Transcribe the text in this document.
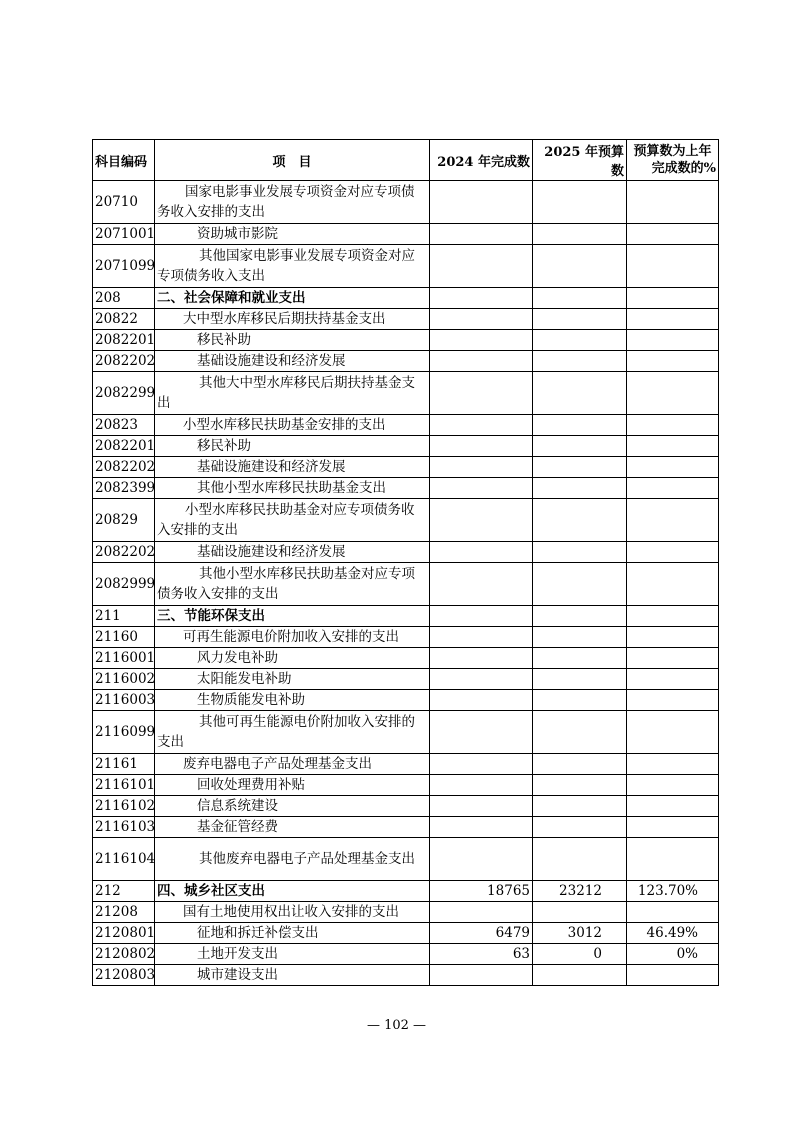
科目编码	项　目	2024 年完成数	2025 年预算数	预算数为上年
完成数的%

20710	国家电影事业发展专项资金对应专项债务收入安排的支出			
2071001	资助城市影院			
2071099	其他国家电影事业发展专项资金对应专项债务收入支出			
208	二、社会保障和就业支出			
20822	大中型水库移民后期扶持基金支出			
2082201	移民补助			
2082202	基础设施建设和经济发展			
2082299	其他大中型水库移民后期扶持基金支出			
20823	小型水库移民扶助基金安排的支出			
2082201	移民补助			
2082202	基础设施建设和经济发展			
2082399	其他小型水库移民扶助基金支出			
20829	小型水库移民扶助基金对应专项债务收入安排的支出			
2082202	基础设施建设和经济发展			
2082999	其他小型水库移民扶助基金对应专项债务收入安排的支出			
211	三、节能环保支出			
21160	可再生能源电价附加收入安排的支出			
2116001	风力发电补助			
2116002	太阳能发电补助			
2116003	生物质能发电补助			
2116099	其他可再生能源电价附加收入安排的支出			
21161	废弃电器电子产品处理基金支出			
2116101	回收处理费用补贴			
2116102	信息系统建设			
2116103	基金征管经费			
2116104	其他废弃电器电子产品处理基金支出			
212	四、城乡社区支出	18765	23212	123.70%
21208	国有土地使用权出让收入安排的支出			
2120801	征地和拆迁补偿支出	6479	3012	46.49%
2120802	土地开发支出	63	0	0%
2120803	城市建设支出			
— 102 —
